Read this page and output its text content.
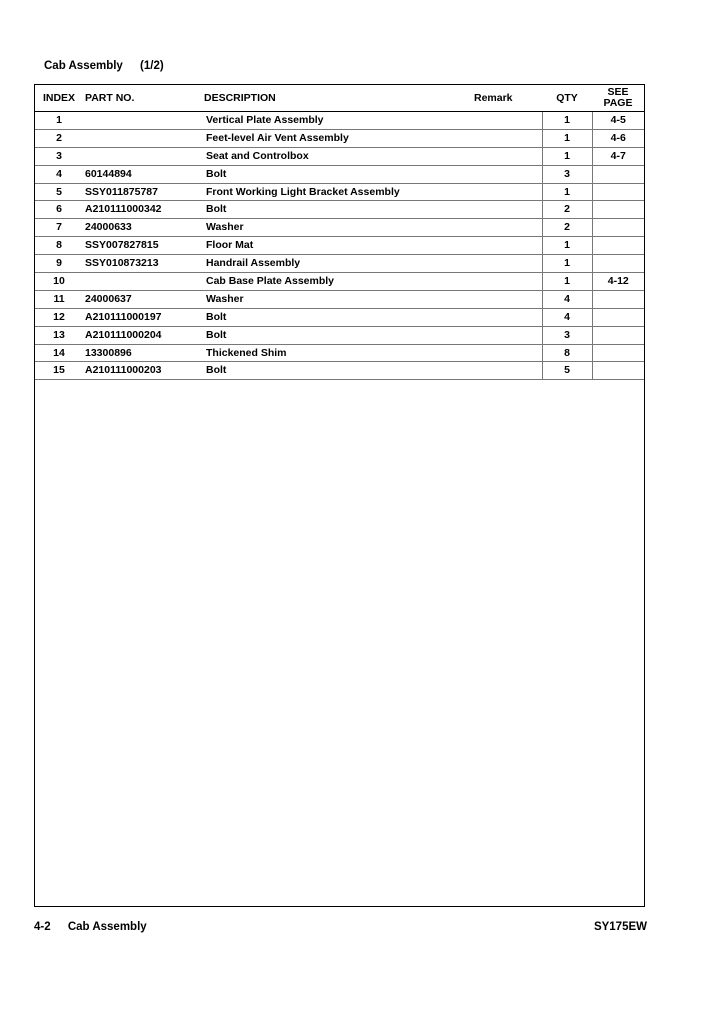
Cab Assembly (1/2)
INDEX	PART NO.	DESCRIPTION	Remark	QTY	SEE
PAGE

1		Vertical Plate Assembly		1	4-5
2		Feet-level Air Vent Assembly		1	4-6
3		Seat and Controlbox		1	4-7
4	60144894	Bolt		3	
5	SSY011875787	Front Working Light Bracket Assembly		1	
6	A210111000342	Bolt		2	
7	24000633	Washer		2	
8	SSY007827815	Floor Mat		1	
9	SSY010873213	Handrail Assembly		1	
10		Cab Base Plate Assembly		1	4-12
11	24000637	Washer		4	
12	A210111000197	Bolt		4	
13	A210111000204	Bolt		3	
14	13300896	Thickened Shim		8	
15	A210111000203	Bolt		5	
4-2 Cab Assembly	SY175EW
